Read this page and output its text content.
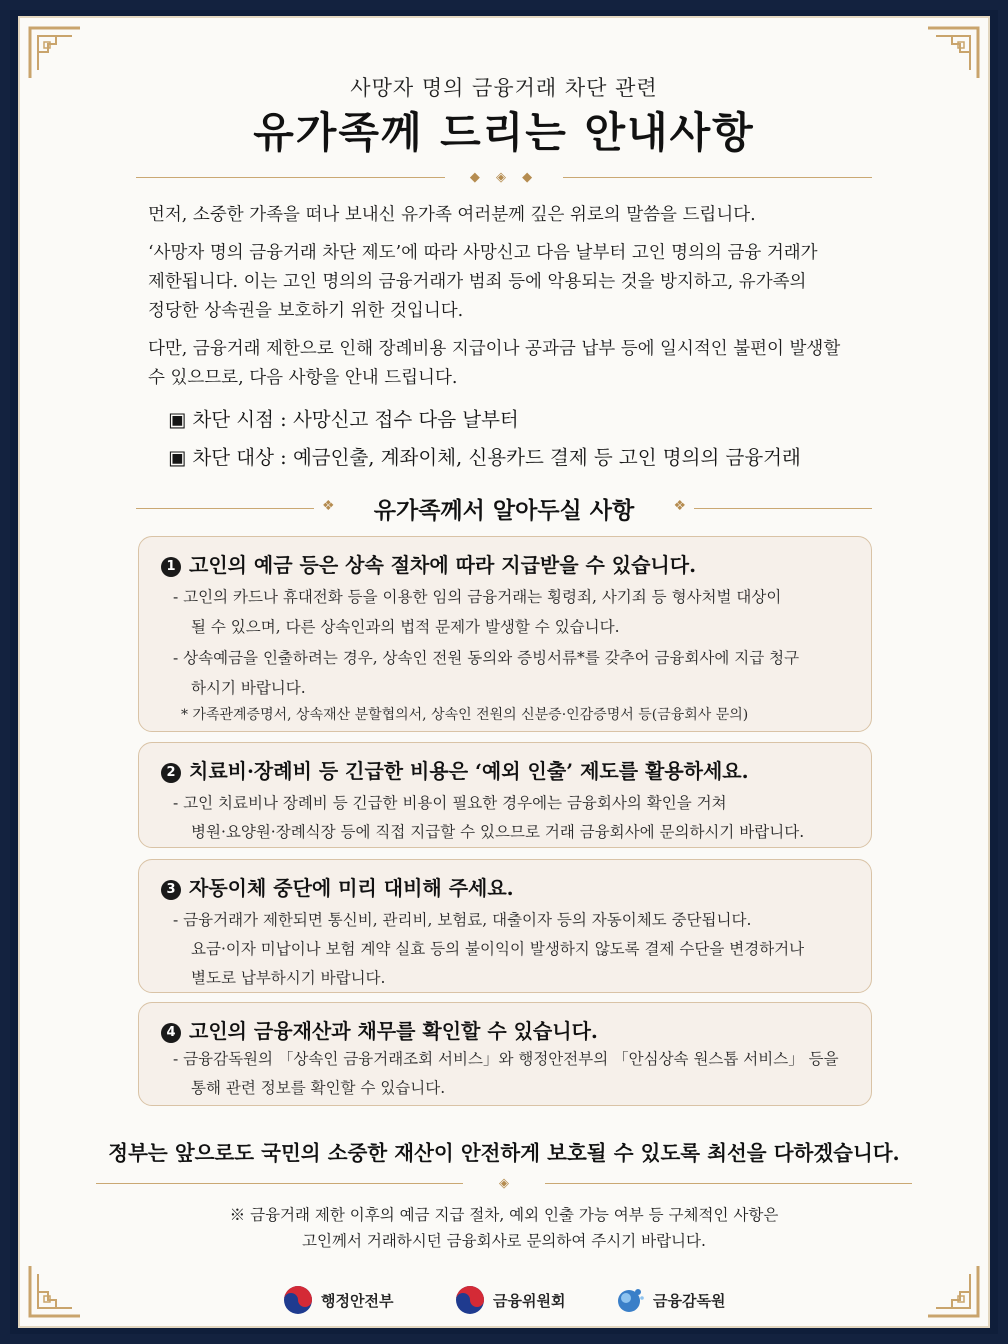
사망자 명의 금융거래 차단 관련
유가족께 드리는 안내사항
◆ ◈ ◆
먼저, 소중한 가족을 떠나 보내신 유가족 여러분께 깊은 위로의 말씀을 드립니다.
‘사망자 명의 금융거래 차단 제도’에 따라 사망신고 다음 날부터 고인 명의의 금융 거래가
제한됩니다. 이는 고인 명의의 금융거래가 범죄 등에 악용되는 것을 방지하고, 유가족의
정당한 상속권을 보호하기 위한 것입니다.
다만, 금융거래 제한으로 인해 장례비용 지급이나 공과금 납부 등에 일시적인 불편이 발생할
수 있으므로, 다음 사항을 안내 드립니다.
▣ 차단 시점 : 사망신고 접수 다음 날부터
▣ 차단 대상 : 예금인출, 계좌이체, 신용카드 결제 등 고인 명의의 금융거래
❖	유가족께서 알아두실 사항	❖
1 고인의 예금 등은 상속 절차에 따라 지급받을 수 있습니다.
- 고인의 카드나 휴대전화 등을 이용한 임의 금융거래는 횡령죄, 사기죄 등 형사처벌 대상이
될 수 있으며, 다른 상속인과의 법적 문제가 발생할 수 있습니다.
- 상속예금을 인출하려는 경우, 상속인 전원 동의와 증빙서류*를 갖추어 금융회사에 지급 청구
하시기 바랍니다.
* 가족관계증명서, 상속재산 분할협의서, 상속인 전원의 신분증·인감증명서 등(금융회사 문의)
2 치료비·장례비 등 긴급한 비용은 ‘예외 인출’ 제도를 활용하세요.
- 고인 치료비나 장례비 등 긴급한 비용이 필요한 경우에는 금융회사의 확인을 거쳐
병원·요양원·장례식장 등에 직접 지급할 수 있으므로 거래 금융회사에 문의하시기 바랍니다.
3 자동이체 중단에 미리 대비해 주세요.
- 금융거래가 제한되면 통신비, 관리비, 보험료, 대출이자 등의 자동이체도 중단됩니다.
요금·이자 미납이나 보험 계약 실효 등의 불이익이 발생하지 않도록 결제 수단을 변경하거나
별도로 납부하시기 바랍니다.
4 고인의 금융재산과 채무를 확인할 수 있습니다.
- 금융감독원의 「상속인 금융거래조회 서비스」와 행정안전부의 「안심상속 원스톱 서비스」 등을
통해 관련 정보를 확인할 수 있습니다.
정부는 앞으로도 국민의 소중한 재산이 안전하게 보호될 수 있도록 최선을 다하겠습니다.
◈
※ 금융거래 제한 이후의 예금 지급 절차, 예외 인출 가능 여부 등 구체적인 사항은
고인께서 거래하시던 금융회사로 문의하여 주시기 바랍니다.
행정안전부	금융위원회	금융감독원
